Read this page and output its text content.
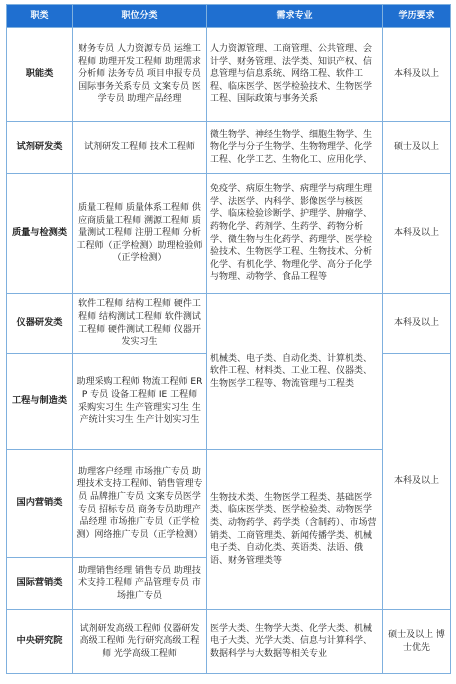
职类	职位分类	需求专业	学历要求
职能类	财务专员 人力资源专员 运维工程师 助理开发工程师 助理需求分析师 法务专员 项目申报专员 国际事务关系专员 文案专员 医学专员 助理产品经理	人力资源管理、工商管理、公共管理、会计学、财务管理、法学类、知识产权、信息管理与信息系统、网络工程、软件工程、临床医学、医学检验技术、生物医学工程、国际政策与事务关系	本科及以上
试剂研发类	试剂研发工程师 技术工程师	微生物学、神经生物学、细胞生物学、生物化学与分子生物学、生物物理学、化学工程、化学工艺、生物化工、应用化学、	硕士及以上
质量与检测类	质量工程师 质量体系工程师 供应商质量工程师 溯源工程师 质量测试工程师 注册工程师 分析工程师（正学检测）助理检验师（正学检测）	免疫学、病原生物学、病理学与病理生理学、法医学、内科学、影像医学与核医学、临床检验诊断学、护理学、肿瘤学、药物化学、药剂学、生药学、药物分析学、微生物与生化药学、药理学、医学检验技术、生物医学工程、生物技术、分析化学、有机化学、物理化学、高分子化学与物理、动物学、食品工程等	本科及以上
仪器研发类	软件工程师 结构工程师 硬件工程师 结构测试工程师 软件测试工程师 硬件测试工程师 仪器开发实习生	机械类、电子类、自动化类、计算机类、软件工程、材料类、工业工程、仪器类、生物医学工程等、物流管理与工程类	本科及以上
工程与制造类	助理采购工程师 物流工程师 ERP 专员 设备工程师 IE 工程师 采购实习生 生产管理实习生 生产统计实习生 生产计划实习生		本科及以上
国内营销类	助理客户经理 市场推广专员 助理技术支持工程师、销售管理专员 品牌推广专员 文案专员医学专员 招标专员 商务专员助理产品经理 市场推广专员（正学检测）网络推广专员（正学检测）	生物技术类、生物医学工程类、基础医学类、临床医学类、医学检验类、动物医学类、动物药学、药学类（含制药）、市场营销类、工商管理类、新闻传播学类、机械电子类、自动化类、英语类、法语、俄语、财务管理类等	
国际营销类	助理销售经理 销售专员 助理技术支持工程师 产品管理专员 市场推广专员		
中央研究院	试剂研发高级工程师 仪器研发高级工程师 先行研究高级工程师 光学高级工程师	医学大类、生物学大类、化学大类、机械电子大类、光学大类、信息与计算科学、数据科学与大数据等相关专业	硕士及以上 博士优先
